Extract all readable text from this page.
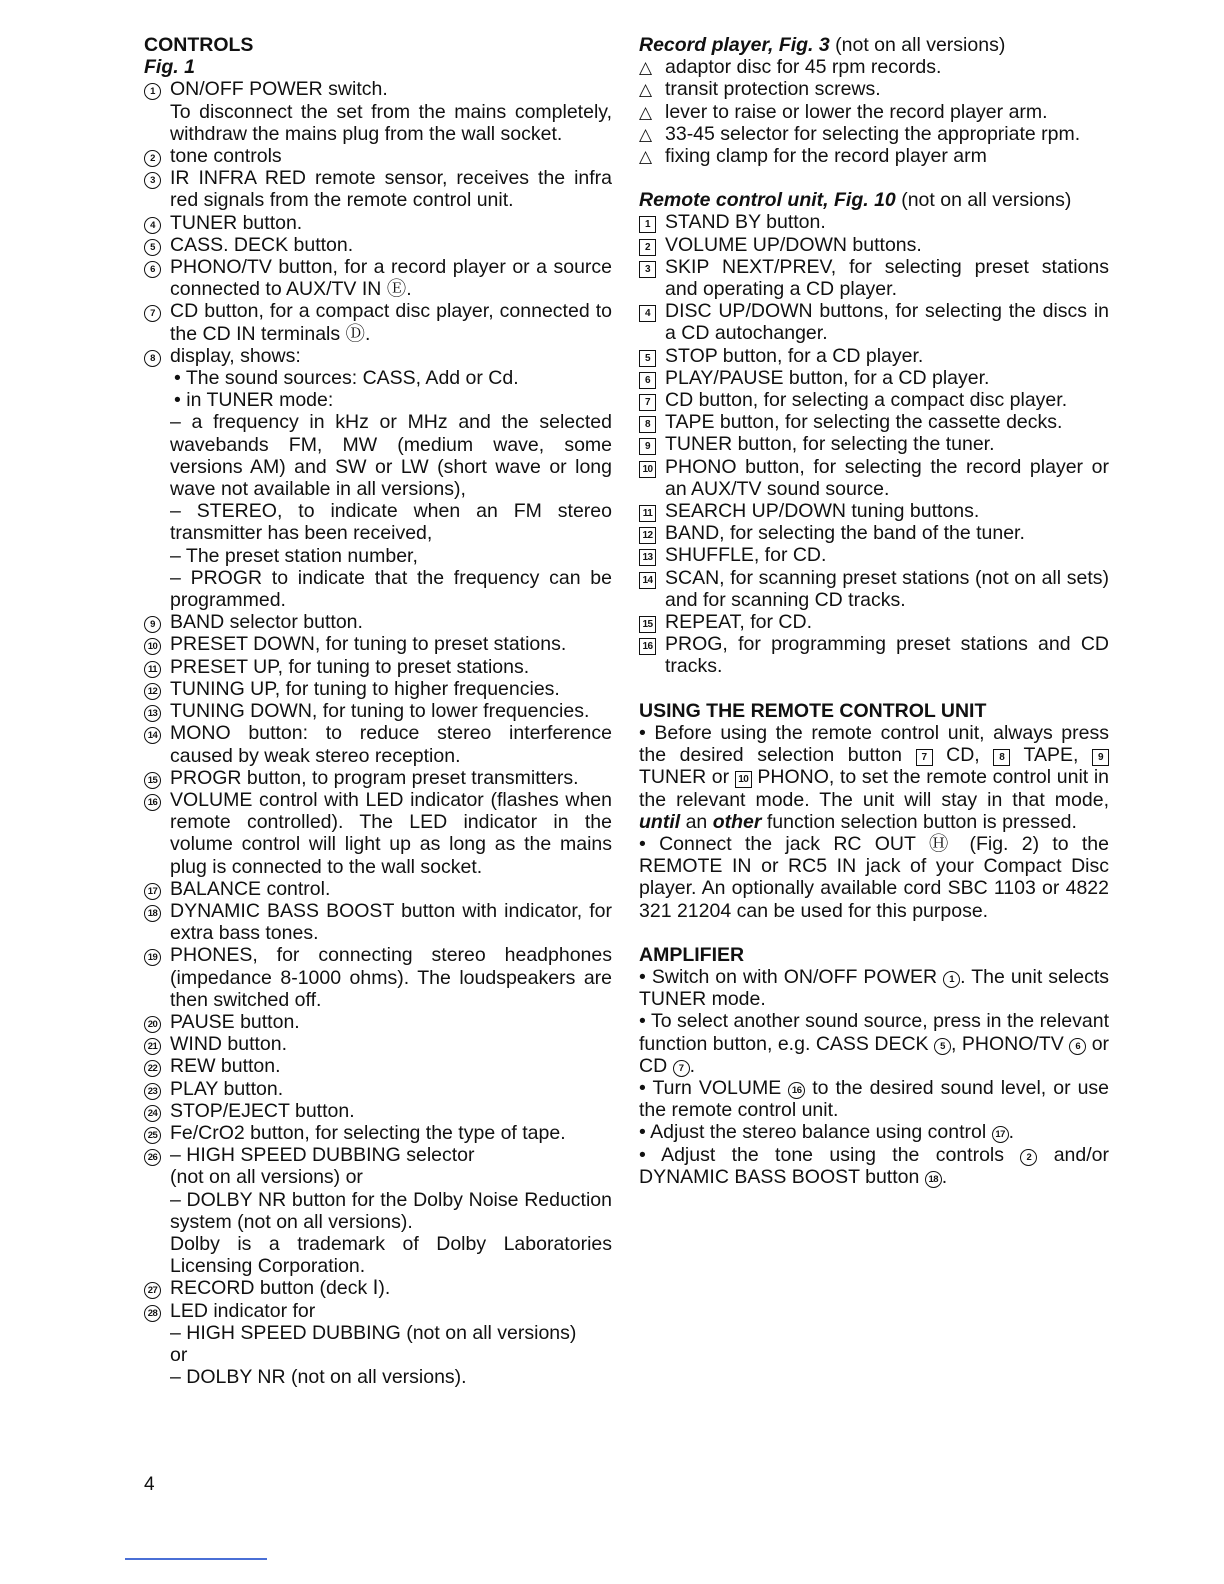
CONTROLS

Fig. 1

1 ON/OFF POWER switch.

To disconnect the set from the mains completely, withdraw the mains plug from the wall socket.

2 tone controls
3 IR INFRA RED remote sensor, receives the infra red signals from the remote control unit.
4 TUNER button.
5 CASS. DECK button.
6 PHONO/TV button, for a record player or a source connected to AUX/TV IN Ⓔ.
7 CD button, for a compact disc player, connected to the CD IN terminals Ⓓ.
8 display, shows:

• The sound sources: CASS, Add or Cd.

• in TUNER mode:

– a frequency in kHz or MHz and the selected wavebands FM, MW (medium wave, some versions AM) and SW or LW (short wave or long wave not available in all versions),

– STEREO, to indicate when an FM stereo transmitter has been received,

– The preset station number,

– PROGR to indicate that the frequency can be programmed.

9 BAND selector button.
10 PRESET DOWN, for tuning to preset stations.
11 PRESET UP, for tuning to preset stations.
12 TUNING UP, for tuning to higher frequencies.
13 TUNING DOWN, for tuning to lower frequencies.
14 MONO button: to reduce stereo interference caused by weak stereo reception.
15 PROGR button, to program preset transmitters.
16 VOLUME control with LED indicator (flashes when remote controlled). The LED indicator in the volume control will light up as long as the mains plug is connected to the wall socket.
17 BALANCE control.
18 DYNAMIC BASS BOOST button with indicator, for extra bass tones.
19 PHONES, for connecting stereo headphones (impedance 8-1000 ohms). The loudspeakers are then switched off.
20 PAUSE button.
21 WIND button.
22 REW button.
23 PLAY button.
24 STOP/EJECT button.
25 Fe/CrO2 button, for selecting the type of tape.
26 – HIGH SPEED DUBBING selector

(not on all versions) or

– DOLBY NR button for the Dolby Noise Reduction system (not on all versions).

Dolby is a trademark of Dolby Laboratories Licensing Corporation.

27 RECORD button (deck Ⅰ).
28 LED indicator for

– HIGH SPEED DUBBING (not on all versions)

or

– DOLBY NR (not on all versions).

Record player, Fig. 3 (not on all versions)

△ adaptor disc for 45 rpm records.
△ transit protection screws.
△ lever to raise or lower the record player arm.
△ 33-45 selector for selecting the appropriate rpm.
△ fixing clamp for the record player arm

Remote control unit, Fig. 10 (not on all versions)

1 STAND BY button.
2 VOLUME UP/DOWN buttons.
3 SKIP NEXT/PREV, for selecting preset stations and operating a CD player.
4 DISC UP/DOWN buttons, for selecting the discs in a CD autochanger.
5 STOP button, for a CD player.
6 PLAY/PAUSE button, for a CD player.
7 CD button, for selecting a compact disc player.
8 TAPE button, for selecting the cassette decks.
9 TUNER button, for selecting the tuner.
10 PHONO button, for selecting the record player or an AUX/TV sound source.
11 SEARCH UP/DOWN tuning buttons.
12 BAND, for selecting the band of the tuner.
13 SHUFFLE, for CD.
14 SCAN, for scanning preset stations (not on all sets) and for scanning CD tracks.
15 REPEAT, for CD.
16 PROG, for programming preset stations and CD tracks.
USING THE REMOTE CONTROL UNIT

• Before using the remote control unit, always press the desired selection button 7 CD, 8 TAPE, 9 TUNER or 10 PHONO, to set the remote control unit in the relevant mode. The unit will stay in that mode, until an other function selection button is pressed.

• Connect the jack RC OUT Ⓗ (Fig. 2) to the REMOTE IN or RC5 IN jack of your Compact Disc player. An optionally available cord SBC 1103 or 4822 321 21204 can be used for this purpose.

AMPLIFIER

• Switch on with ON/OFF POWER 1 . The unit selects TUNER mode.

• To select another sound source, press in the relevant function button, e.g. CASS DECK 5 , PHONO/TV 6 or CD 7 .

• Turn VOLUME 16 to the desired sound level, or use the remote control unit.

• Adjust the stereo balance using control 17 .

• Adjust the tone using the controls 2 and/or DYNAMIC BASS BOOST button 18 .

4
